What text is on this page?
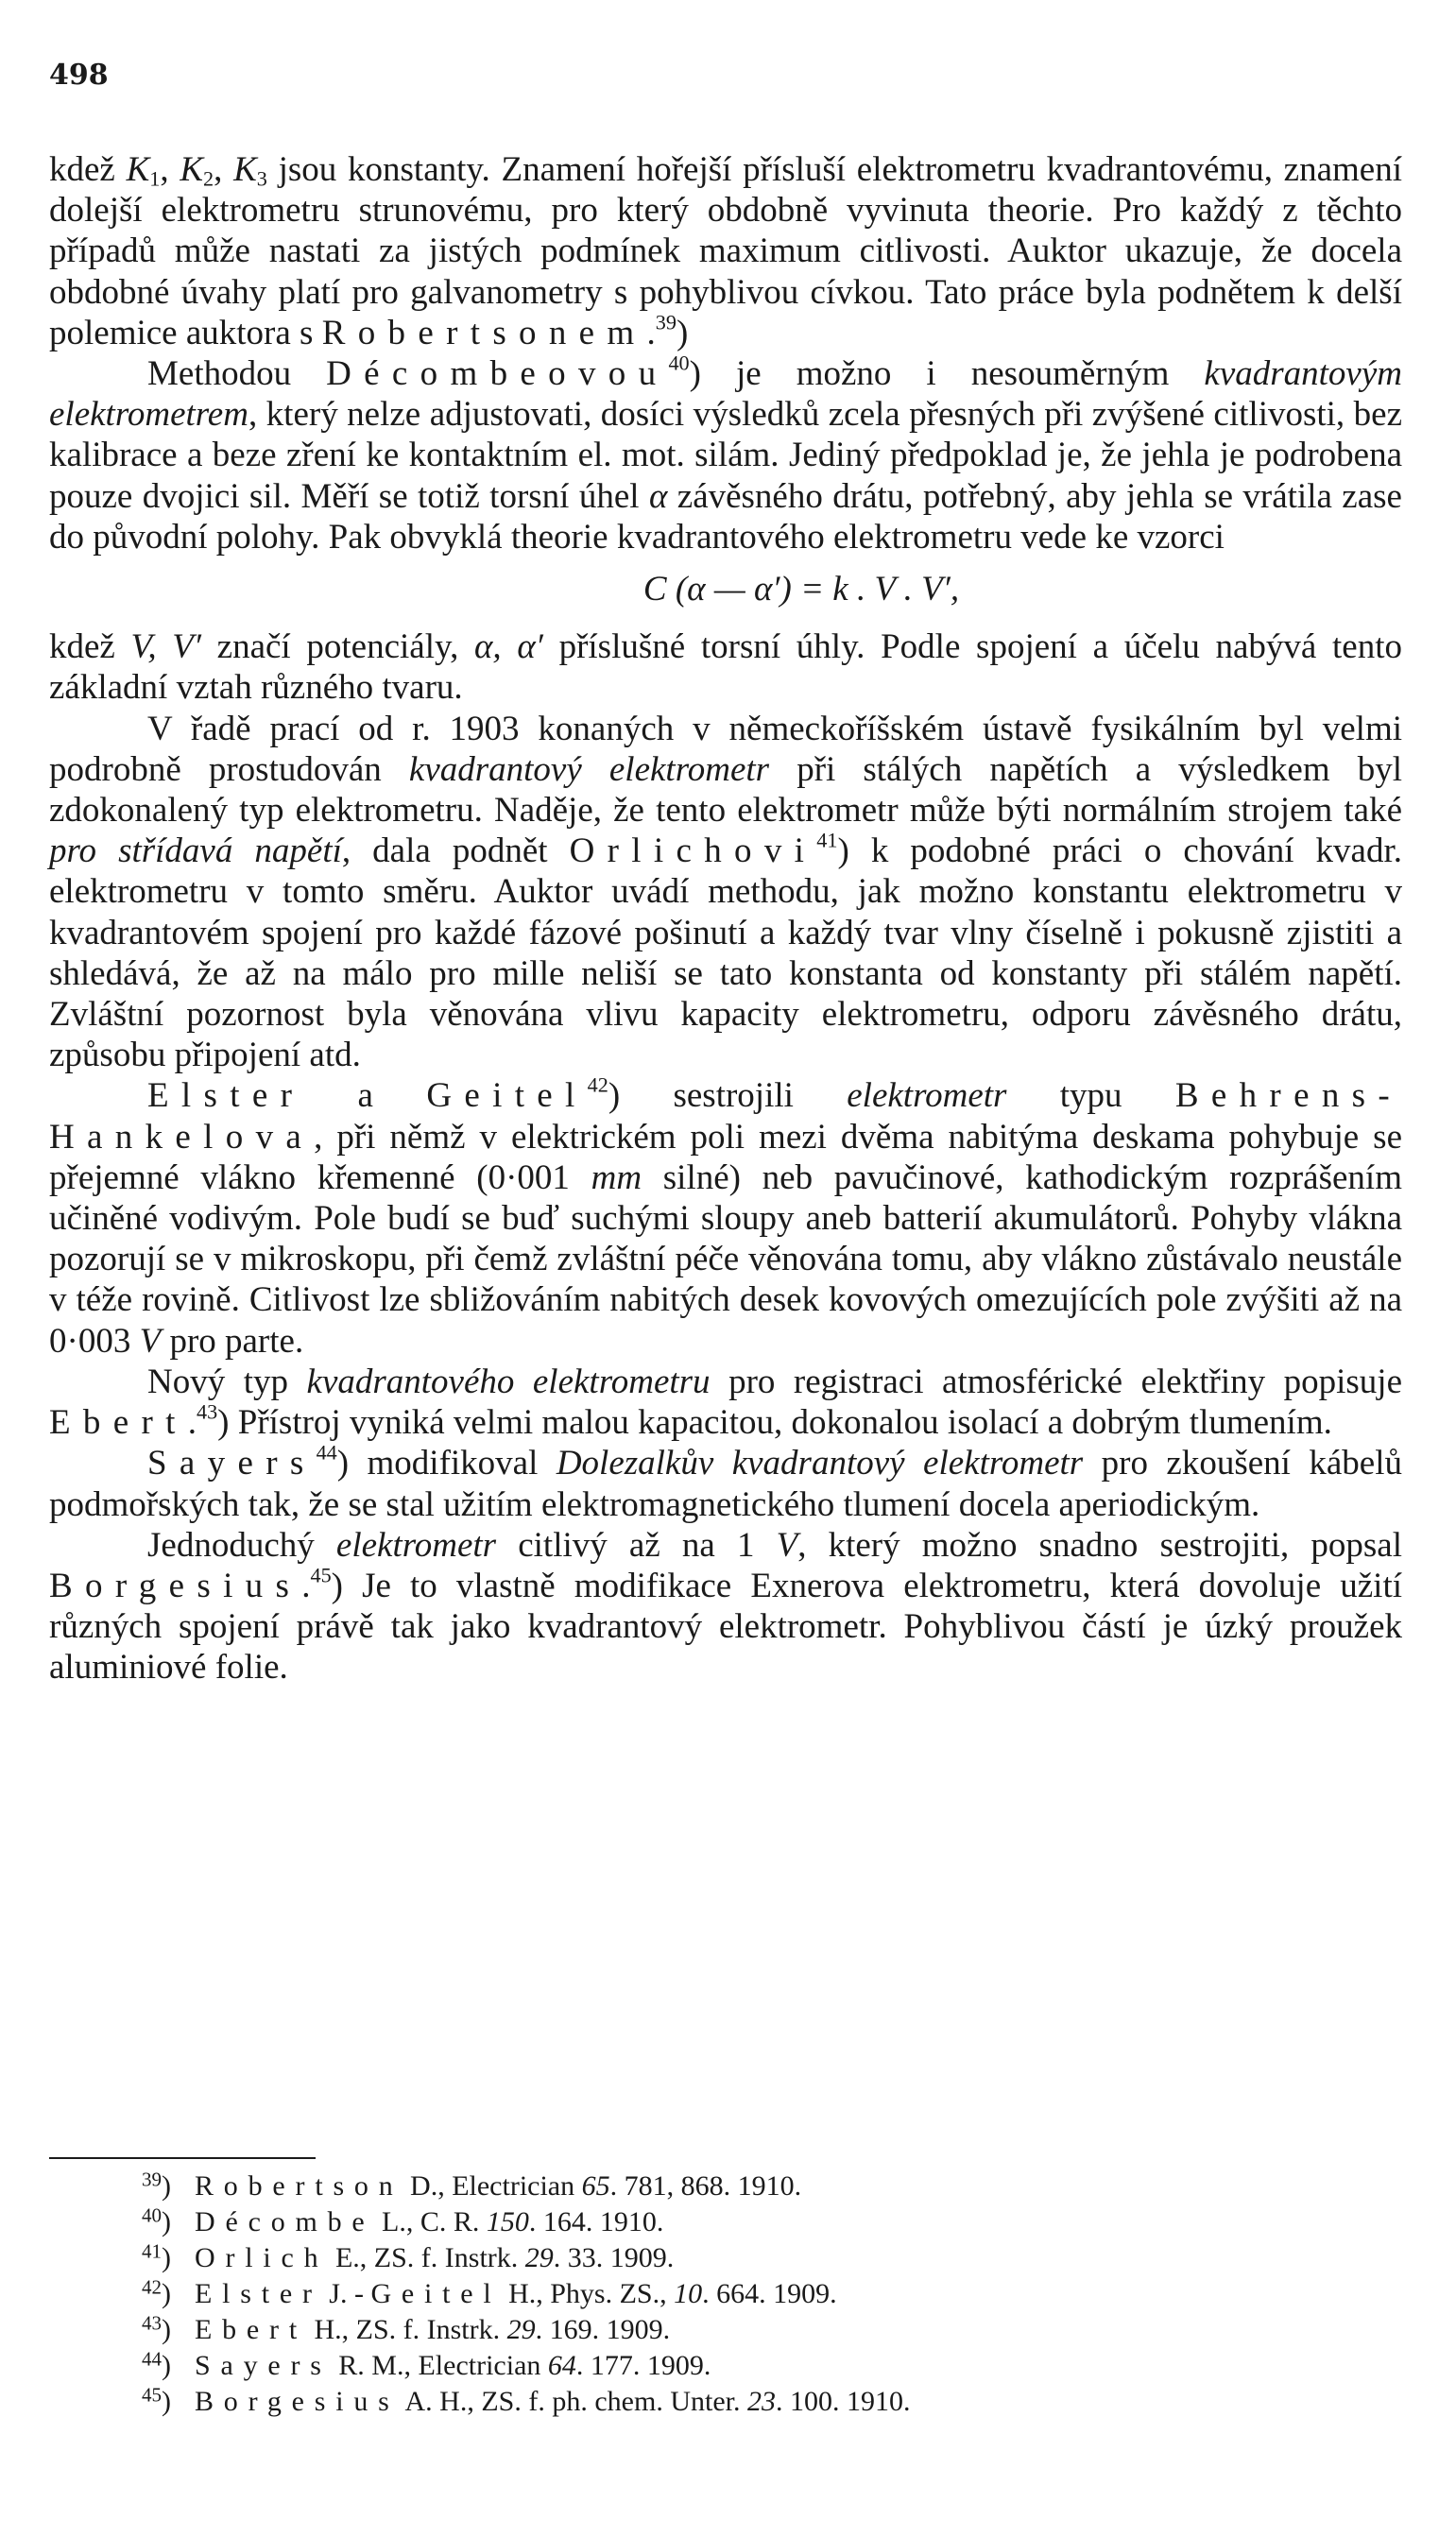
498

kdež $K_1$, $K_2$, $K_3$ jsou konstanty. Znamení hořejší přísluší elektrometru kvadrantovému, znamení dolejší elektrometru strunovému, pro který obdobně vyvinuta theorie. Pro každý z těchto případů může nastati za jistých podmínek maximum citlivosti. Auktor ukazuje, že docela obdobné úvahy platí pro galvanometry s pohyblivou cívkou. Tato práce byla podnětem k delší polemice auktora s Robertsonem.$^{39}$)

Methodou Décombeovou$^{40}$) je možno i nesouměrným kvadrantovým elektrometrem, který nelze adjustovati, dosíci výsledků zcela přesných při zvýšené citlivosti, bez kalibrace a beze zření ke kontaktním el. mot. silám. Jediný předpoklad je, že jehla je podrobena pouze dvojici sil. Měří se totiž torsní úhel α závěsného drátu, potřebný, aby jehla se vrátila zase do původní polohy. Pak obvyklá theorie kvadrantového elektrometru vede ke vzorci

C (α — α′) = k . V . V′,

kdež V, V′ značí potenciály, α, α′ příslušné torsní úhly. Podle spojení a účelu nabývá tento základní vztah různého tvaru.

V řadě prací od r. 1903 konaných v německoříšském ústavě fysikálním byl velmi podrobně prostudován kvadrantový elektrometr při stálých napětích a výsledkem byl zdokonalený typ elektrometru. Naděje, že tento elektrometr může býti normálním strojem také pro střídavá napětí, dala podnět Orlichovi$^{41}$) k podobné práci o chování kvadr. elektrometru v tomto směru. Auktor uvádí methodu, jak možno konstantu elektrometru v kvadrantovém spojení pro každé fázové pošinutí a každý tvar vlny číselně i pokusně zjistiti a shledává, že až na málo pro mille neliší se tato konstanta od konstanty při stálém napětí. Zvláštní pozornost byla věnována vlivu kapacity elektrometru, odporu závěsného drátu, způsobu připojení atd.

Elster a Geitel$^{42}$) sestrojili elektrometr typu Behrens-Hankelova, při němž v elektrickém poli mezi dvěma nabitýma deskama pohybuje se přejemné vlákno křemenné (0·001 mm silné) neb pavučinové, kathodickým rozprášením učiněné vodivým. Pole budí se buď suchými sloupy aneb batterií akumulátorů. Pohyby vlákna pozorují se v mikroskopu, při čemž zvláštní péče věnována tomu, aby vlákno zůstávalo neustále v téže rovině. Citlivost lze sbližováním nabitých desek kovových omezujících pole zvýšiti až na 0·003 V pro parte.

Nový typ kvadrantového elektrometru pro registraci atmosférické elektřiny popisuje Ebert.$^{43}$) Přístroj vyniká velmi malou kapacitou, dokonalou isolací a dobrým tlumením.

Sayers$^{44}$) modifikoval Dolezalkův kvadrantový elektrometr pro zkoušení kábelů podmořských tak, že se stal užitím elektromagnetického tlumení docela aperiodickým.

Jednoduchý elektrometr citlivý až na 1 V, který možno snadno sestrojiti, popsal Borgesius.$^{45}$) Je to vlastně modifikace Exnerova elektrometru, která dovoluje užití různých spojení právě tak jako kvadrantový elektrometr. Pohyblivou částí je úzký proužek aluminiové folie.

$^{39}$) Robertson D., Electrician 65. 781, 868. 1910.
$^{40}$) Décombe L., C. R. 150. 164. 1910.
$^{41}$) Orlich E., ZS. f. Instrk. 29. 33. 1909.
$^{42}$) Elster J. - Geitel H., Phys. ZS., 10. 664. 1909.
$^{43}$) Ebert H., ZS. f. Instrk. 29. 169. 1909.
$^{44}$) Sayers R. M., Electrician 64. 177. 1909.
$^{45}$) Borgesius A. H., ZS. f. ph. chem. Unter. 23. 100. 1910.
